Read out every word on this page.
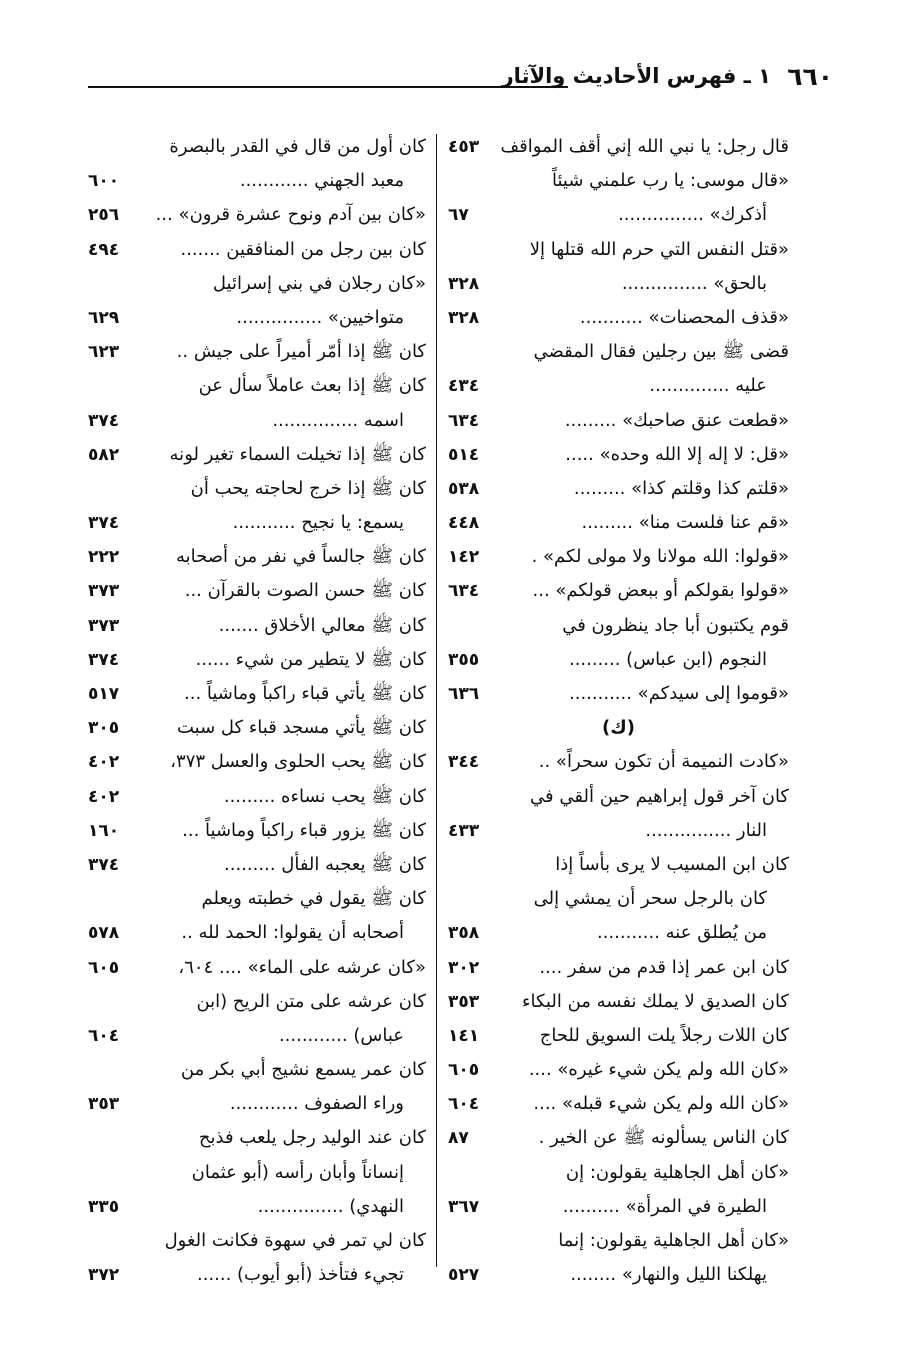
٦٦٠
١ ـ فهرس الأحاديث والآثار
قال رجل: يا نبي الله إني أقف المواقف
٤٥٣
«قال موسى: يا رب علمني شيئاً
أذكرك» ...............
٦٧
«قتل النفس التي حرم الله قتلها إلا
بالحق» ...............
٣٢٨
«قذف المحصنات» ...........
٣٢٨
قضى ﷺ بين رجلين فقال المقضي
عليه ..............
٤٣٤
«قطعت عنق صاحبك» .........
٦٣٤
«قل: لا إله إلا الله وحده» .....
٥١٤
«قلتم كذا وقلتم كذا» .........
٥٣٨
«قم عنا فلست منا» .........
٤٤٨
«قولوا: الله مولانا ولا مولى لكم» .
١٤٢
«قولوا بقولكم أو ببعض قولكم» ...
٦٣٤
قوم يكتبون أبا جاد ينظرون في
النجوم (ابن عباس) .........
٣٥٥
«قوموا إلى سيدكم» ...........
٦٣٦
(ك)
«كادت النميمة أن تكون سحراً» ..
٣٤٤
كان آخر قول إبراهيم حين ألقي في
النار ...............
٤٣٣
كان ابن المسيب لا يرى بأساً إذا
كان بالرجل سحر أن يمشي إلى
من يُطلق عنه ...........
٣٥٨
كان ابن عمر إذا قدم من سفر ....
٣٠٢
كان الصديق لا يملك نفسه من البكاء
٣٥٣
كان اللات رجلاً يلت السويق للحاج
١٤١
«كان الله ولم يكن شيء غيره» ....
٦٠٥
«كان الله ولم يكن شيء قبله» ....
٦٠٤
كان الناس يسألونه ﷺ عن الخير .
٨٧
«كان أهل الجاهلية يقولون: إن
الطيرة في المرأة» ..........
٣٦٧
«كان أهل الجاهلية يقولون: إنما
يهلكنا الليل والنهار» ........
٥٢٧
كان أول من قال في القدر بالبصرة
معبد الجهني ............
٦٠٠
«كان بين آدم ونوح عشرة قرون» ...
٢٥٦
كان بين رجل من المنافقين .......
٤٩٤
«كان رجلان في بني إسرائيل
متواخيين» ...............
٦٢٩
كان ﷺ إذا أمّر أميراً على جيش ..
٦٢٣
كان ﷺ إذا بعث عاملاً سأل عن
اسمه ...............
٣٧٤
كان ﷺ إذا تخيلت السماء تغير لونه
٥٨٢
كان ﷺ إذا خرج لحاجته يحب أن
يسمع: يا نجيح ...........
٣٧٤
كان ﷺ جالساً في نفر من أصحابه
٢٢٢
كان ﷺ حسن الصوت بالقرآن ...
٣٧٣
كان ﷺ معالي الأخلاق .......
٣٧٣
كان ﷺ لا يتطير من شيء ......
٣٧٤
كان ﷺ يأتي قباء راكباً وماشياً ...
٥١٧
كان ﷺ يأتي مسجد قباء كل سبت
٣٠٥
كان ﷺ يحب الحلوى والعسل ٣٧٣،
٤٠٢
كان ﷺ يحب نساءه .........
٤٠٢
كان ﷺ يزور قباء راكباً وماشياً ...
١٦٠
كان ﷺ يعجبه الفأل .........
٣٧٤
كان ﷺ يقول في خطبته ويعلم
أصحابه أن يقولوا: الحمد لله ..
٥٧٨
«كان عرشه على الماء» .... ٦٠٤،
٦٠٥
كان عرشه على متن الريح (ابن
عباس) ............
٦٠٤
كان عمر يسمع نشيج أبي بكر من
وراء الصفوف ............
٣٥٣
كان عند الوليد رجل يلعب فذبح
إنساناً وأبان رأسه (أبو عثمان
النهدي) ...............
٣٣٥
كان لي تمر في سهوة فكانت الغول
تجيء فتأخذ (أبو أيوب) ......
٣٧٢
